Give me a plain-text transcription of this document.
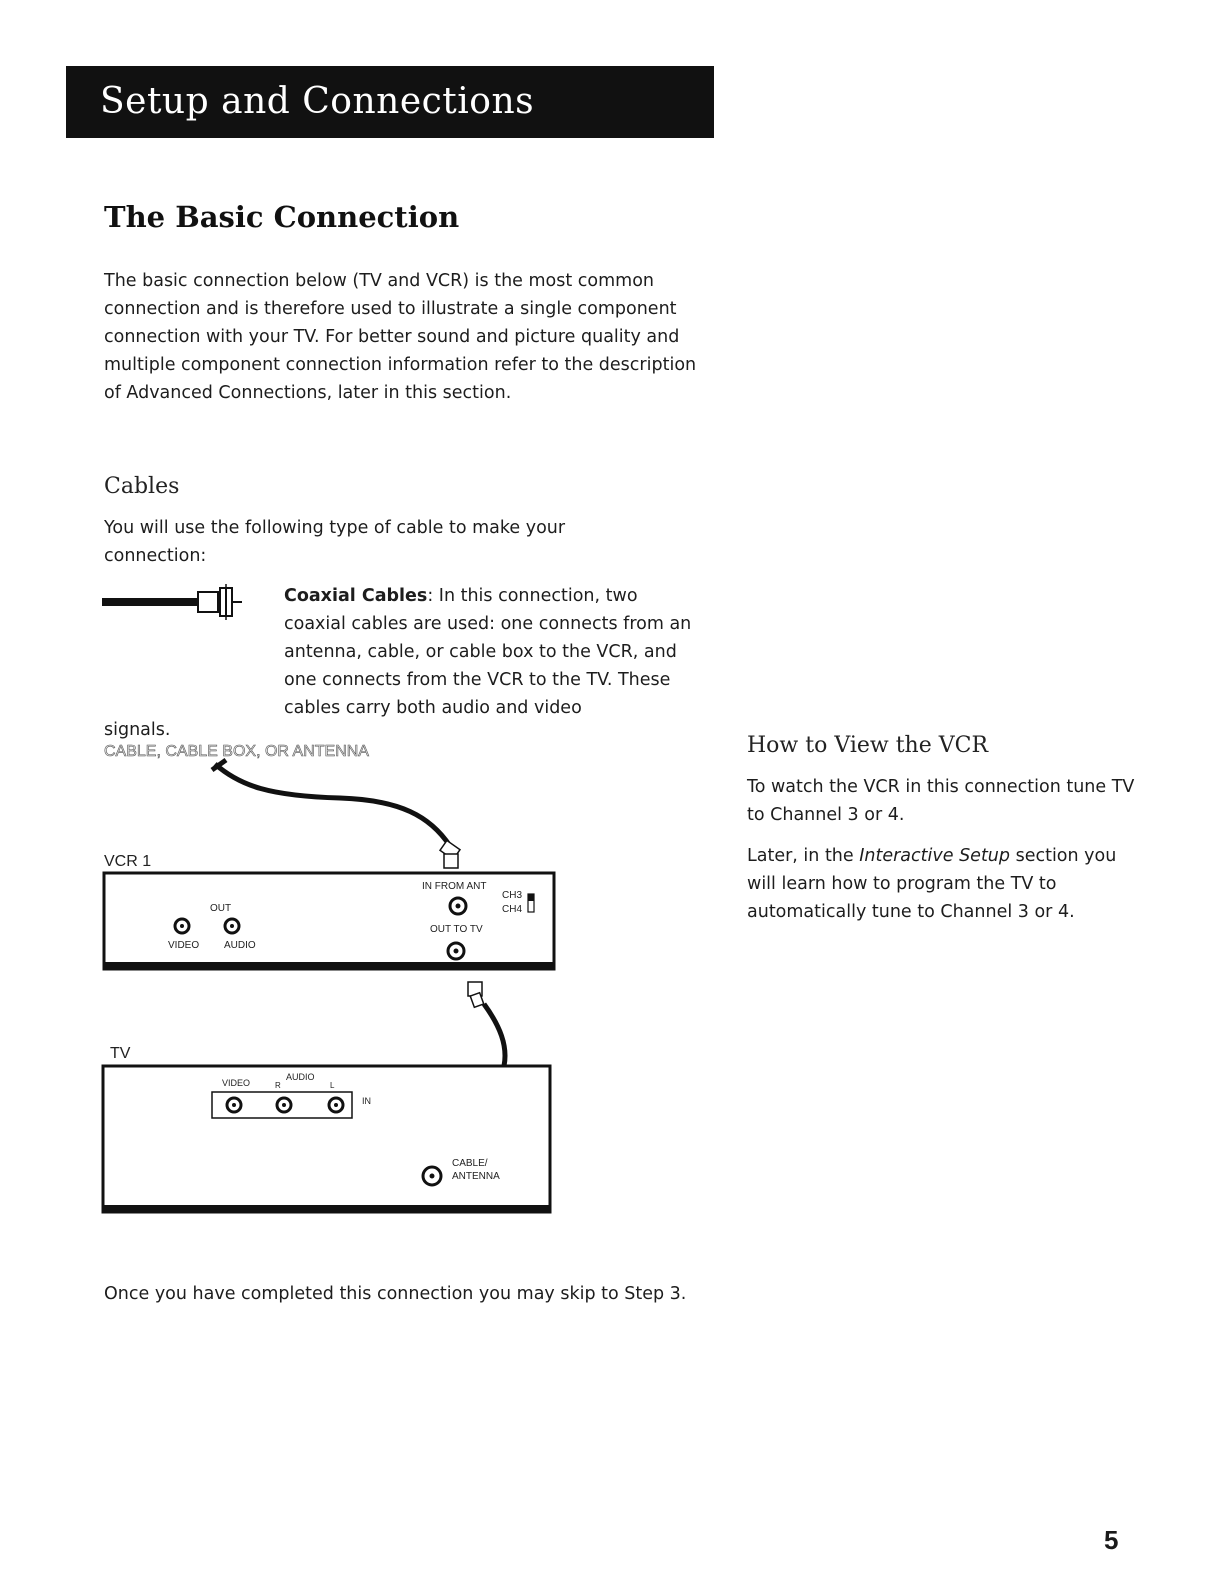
Setup and Connections
The Basic Connection
The basic connection below (TV and VCR) is the most common connection and is therefore used to illustrate a single component connection with your TV. For better sound and picture quality and multiple component connection information refer to the description of Advanced Connections, later in this section.
Cables
You will use the following type of cable to make your connection:
Coaxial Cables: In this connection, two coaxial cables are used: one connects from an antenna, cable, or cable box to the VCR, and one connects from the VCR to the TV. These cables carry both audio and video
signals.
CABLE, CABLE BOX, OR ANTENNA
VCR 1
OUT
VIDEO AUDIO
IN FROM ANT
CH3
CH4
OUT TO TV
TV
VIDEO
AUDIO
R	L
IN
CABLE/
ANTENNA
How to View the VCR
To watch the VCR in this connection tune TV to Channel 3 or 4.
Later, in the Interactive Setup section you will learn how to program the TV to automatically tune to Channel 3 or 4.
Once you have completed this connection you may skip to Step 3.
5
